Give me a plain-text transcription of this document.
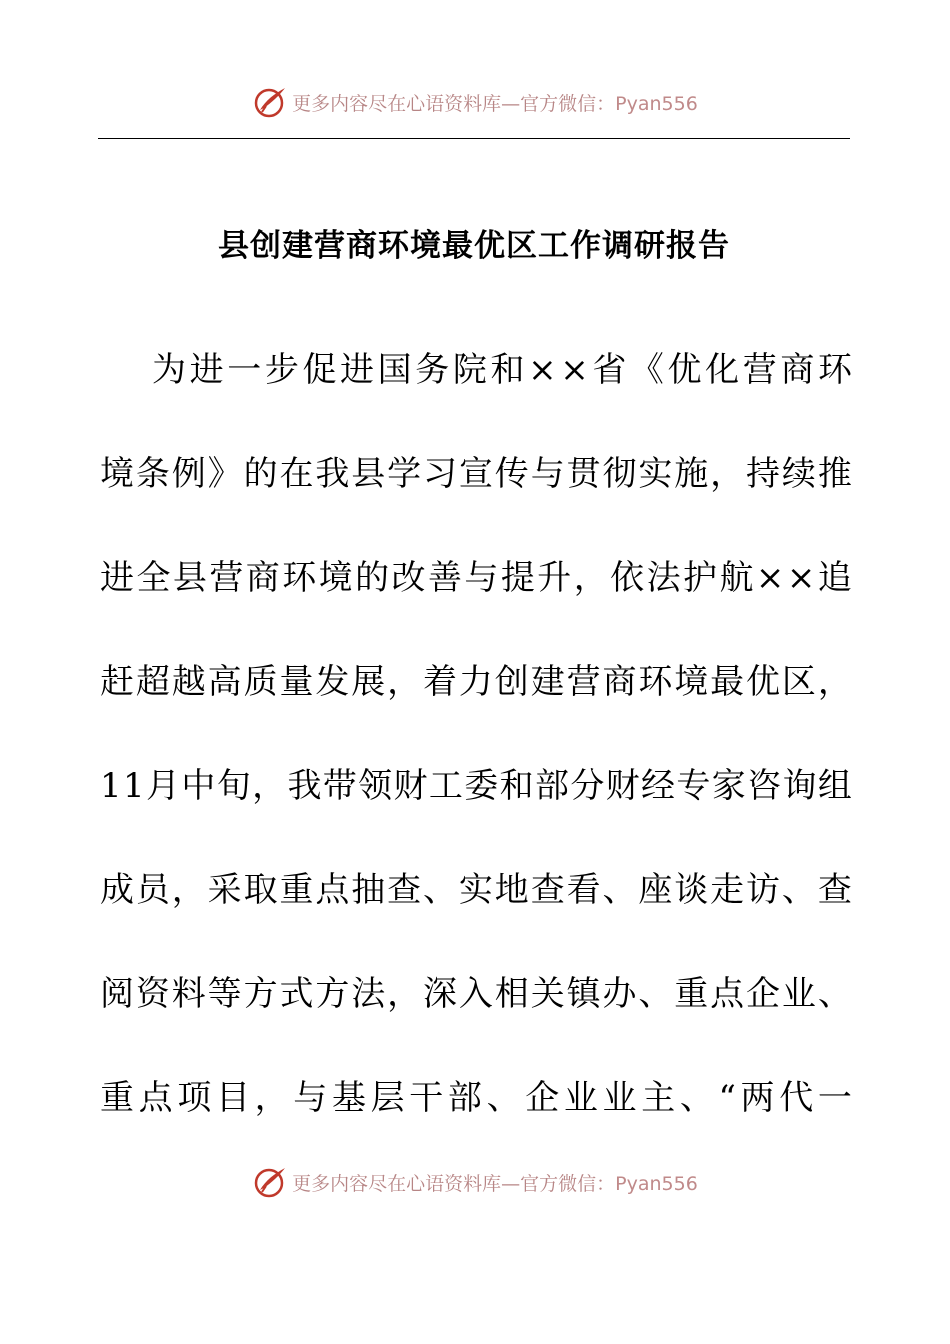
更多内容尽在心语资料库—官方微信：Pyan556
县创建营商环境最优区工作调研报告
为 进 一 步 促 进 国 务 院 和 × × 省 《 优 化 营 商 环
境 条 例 》 的 在 我 县 学 习 宣 传 与 贯 彻 实 施 ， 持 续 推
进 全 县 营 商 环 境 的 改 善 与 提 升 ， 依 法 护 航 × × 追
赶 超 越 高 质 量 发 展 ， 着 力 创 建 营 商 环 境 最 优 区 ，
1 1 月 中 旬 ， 我 带 领 财 工 委 和 部 分 财 经 专 家 咨 询 组
成 员 ， 采 取 重 点 抽 查 、 实 地 查 看 、 座 谈 走 访 、 查
阅 资 料 等 方 式 方 法 ， 深 入 相 关 镇 办 、 重 点 企 业 、
重 点 项 目 ， 与 基 层 干 部 、 企 业 业 主 、 “ 两 代 一
更多内容尽在心语资料库—官方微信：Pyan556
